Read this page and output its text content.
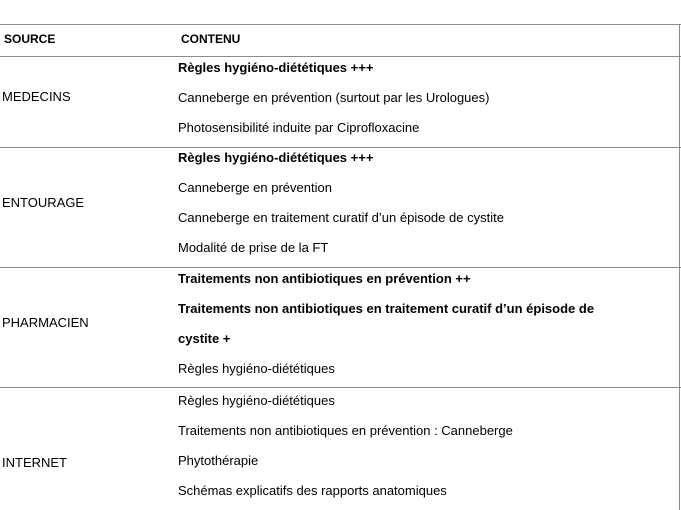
SOURCE	CONTENU
MEDECINS
Règles hygiéno-diététiques +++
Canneberge en prévention (surtout par les Urologues)
Photosensibilité induite par Ciprofloxacine
ENTOURAGE
Règles hygiéno-diététiques +++
Canneberge en prévention
Canneberge en traitement curatif d’un épisode de cystite
Modalité de prise de la FT
PHARMACIEN
Traitements non antibiotiques en prévention ++
Traitements non antibiotiques en traitement curatif d’un épisode de
cystite +
Règles hygiéno-diététiques
INTERNET
Règles hygiéno-diététiques
Traitements non antibiotiques en prévention : Canneberge
Phytothérapie
Schémas explicatifs des rapports anatomiques
